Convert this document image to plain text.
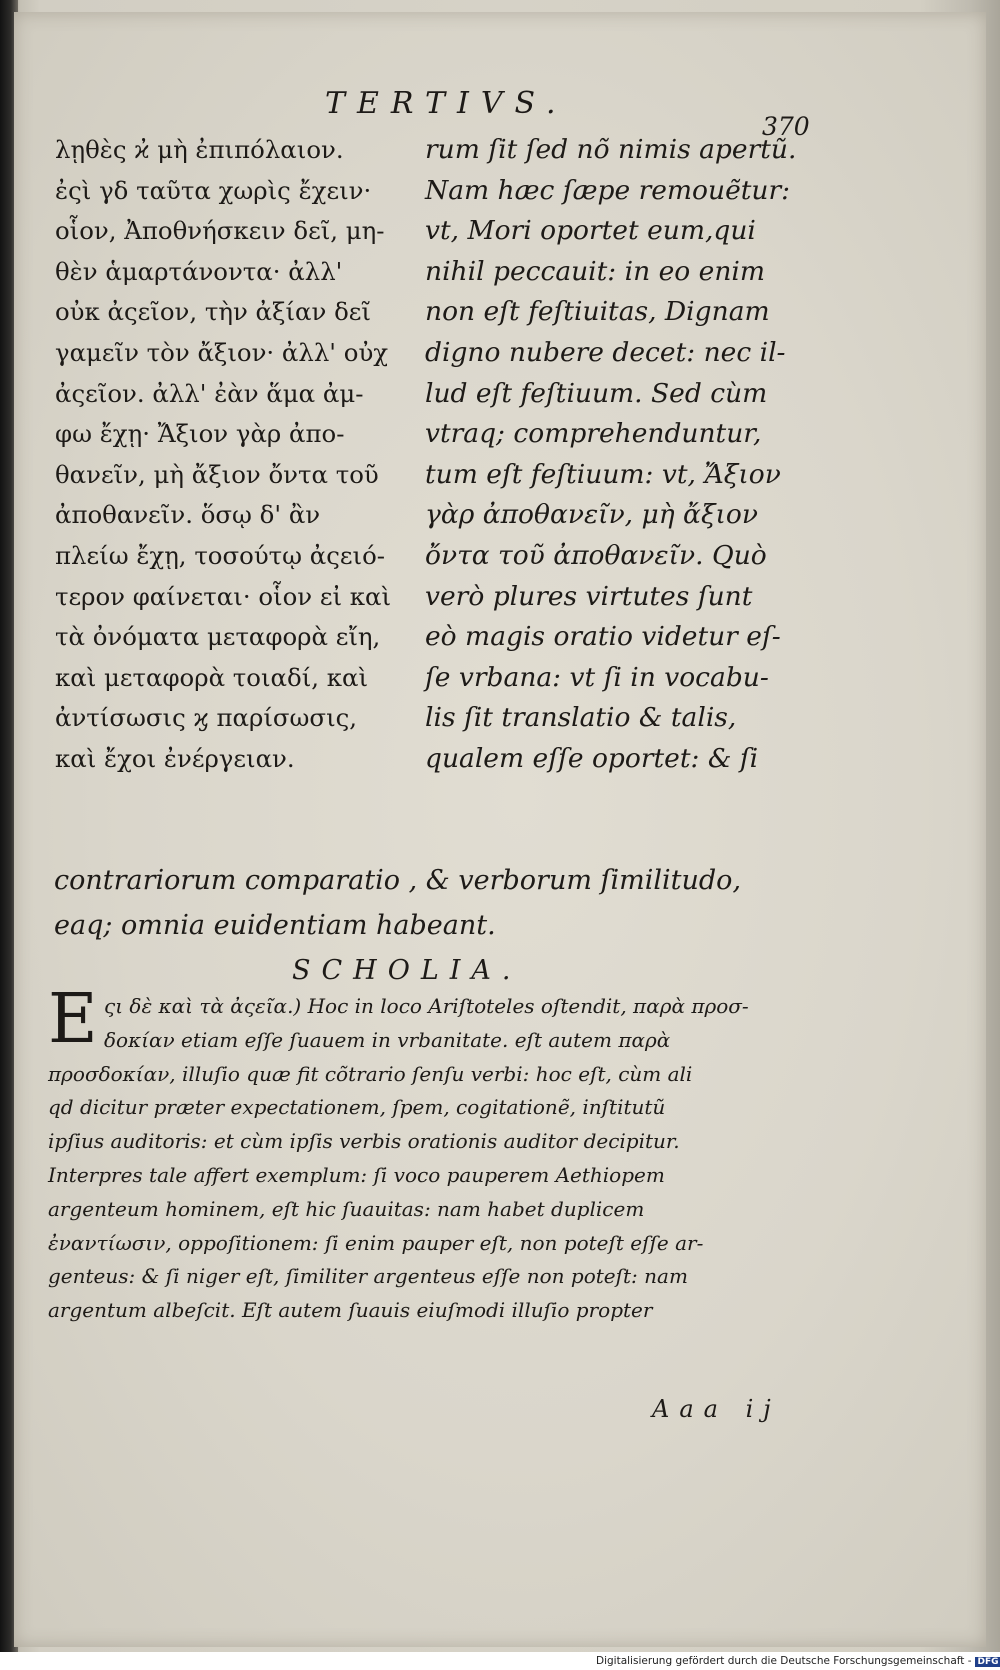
TERTIVS.
370
λῃθὲς ϰ̓ μὴ ἐπιπόλαιον.
ἐςὶ γδ ταῦτα χωρὶς ἔχειν·
οἷον, Ἀποθνήσκειν δεῖ, μη-
θὲν ἁμαρτάνοντα· ἀλλ'
οὐκ ἀςεῖον, τὴν ἀξίαν δεῖ
γαμεῖν τὸν ἄξιον· ἀλλ' οὐχ
ἀςεῖον. ἀλλ' ἐὰν ἅμα ἀμ-
φω ἔχῃ· Ἄξιον γὰρ ἀπο-
θανεῖν, μὴ ἄξιον ὄντα τοῦ
ἀποθανεῖν. ὅσῳ δ' ἂν
πλείω ἔχῃ, τοσούτῳ ἀςειό-
τερον φαίνεται· οἷον εἰ καὶ
τὰ ὀνόματα μεταφορὰ εἴη,
καὶ μεταφορὰ τοιαδί, καὶ
ἀντίσωσις ϗ παρίσωσις,
καὶ ἔχοι ἐνέργειαν.
rum ſit ſed nõ nimis apertũ.
Nam hæc ſæpe remouẽtur:
vt, Mori oportet eum,qui
nihil peccauit: in eo enim
non eſt feſtiuitas, Dignam
digno nubere decet: nec il-
lud eſt feſtiuum. Sed cùm
vtraq; comprehenduntur,
tum eſt feſtiuum: vt, Ἄξιον
γὰρ ἀποθανεῖν, μὴ ἄξιον
ὄντα τοῦ ἀποθανεῖν. Quò
verò plures virtutes ſunt
eò magis oratio videtur eſ-
ſe vrbana: vt ſi in vocabu-
lis ſit translatio & talis,
qualem eſſe oportet: & ſi
contrariorum comparatio , & verborum ſimilitudo,
eaq; omnia euidentiam habeant.
SCHOLIA.
E ςι δὲ καὶ τὰ ἀςεῖα.) Hoc in loco Ariſtoteles oſtendit, παρὰ προσ-
δοκίαν etiam eſſe ſuauem in vrbanitate. eſt autem παρὰ
προσδοκίαν, illuſio quæ fit cõtrario ſenſu verbi: hoc eſt, cùm ali
qd dicitur præter expectationem, ſpem, cogitationẽ, inſtitutũ
ipſius auditoris: et cùm ipſis verbis orationis auditor decipitur.
Interpres tale affert exemplum: ſi voco pauperem Aethiopem
argenteum hominem, eſt hic ſuauitas: nam habet duplicem
ἐναντίωσιν, oppoſitionem: ſi enim pauper eſt, non poteſt eſſe ar-
genteus: & ſi niger eſt, ſimiliter argenteus eſſe non poteſt: nam
argentum albeſcit. Eſt autem ſuauis eiuſmodi illuſio propter
Aaa ij
Digitalisierung gefördert durch die Deutsche Forschungsgemeinschaft - DFG
